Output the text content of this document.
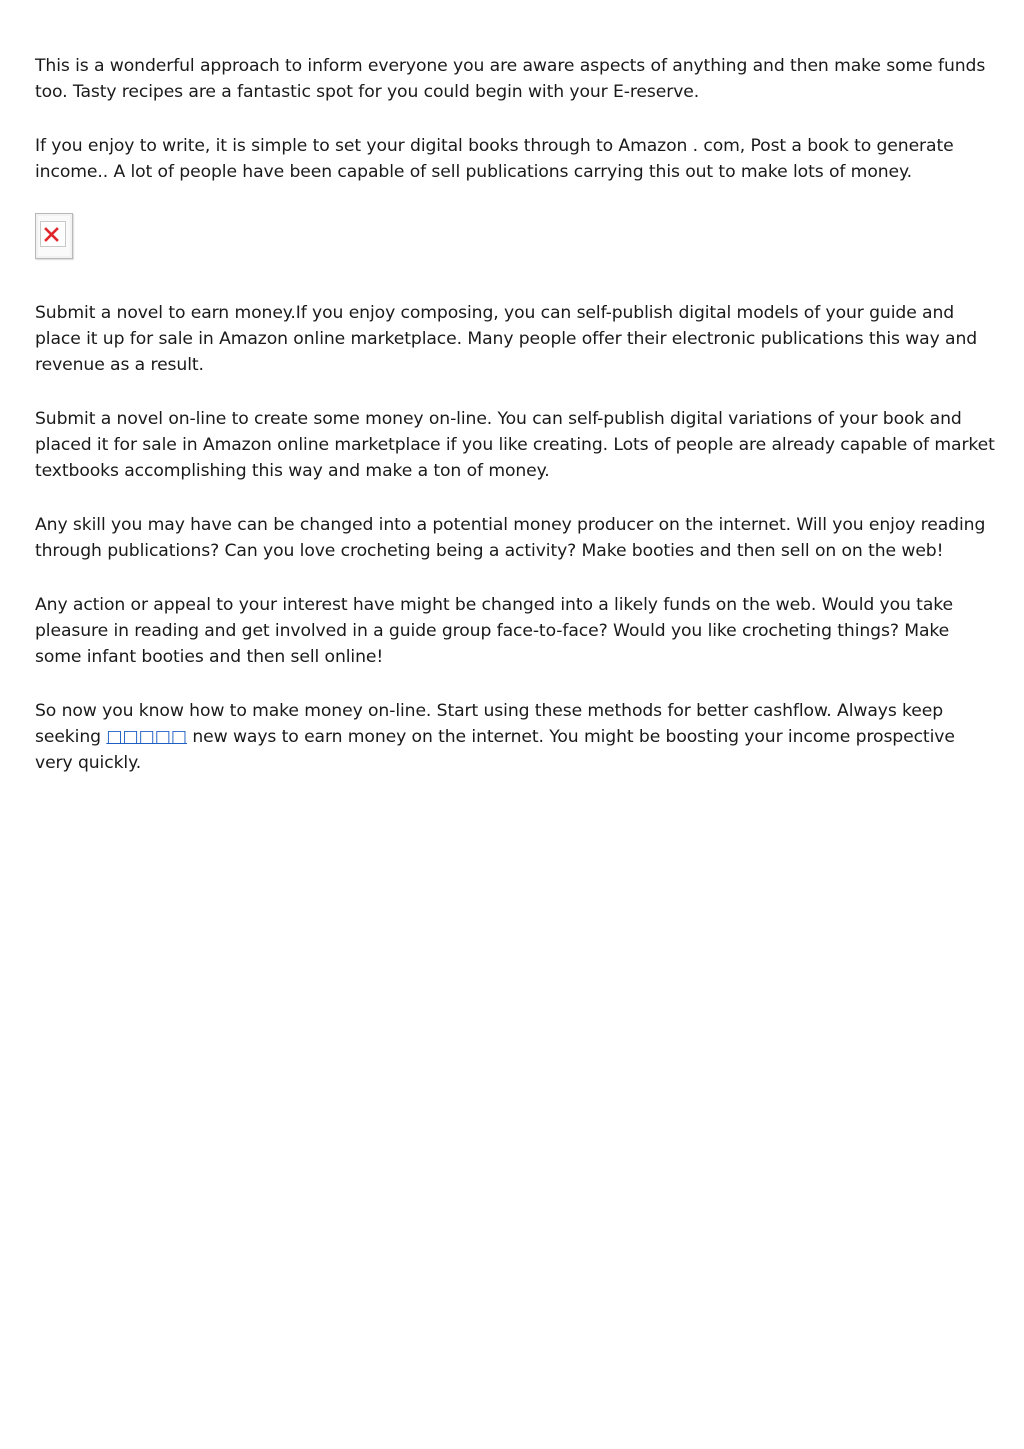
This is a wonderful approach to inform everyone you are aware aspects of anything and then make some funds too. Tasty recipes are a fantastic spot for you could begin with your E-reserve.

If you enjoy to write, it is simple to set your digital books through to Amazon . com, Post a book to generate income.. A lot of people have been capable of sell publications carrying this out to make lots of money.

Submit a novel to earn money.If you enjoy composing, you can self-publish digital models of your guide and place it up for sale in Amazon online marketplace. Many people offer their electronic publications this way and revenue as a result.

Submit a novel on-line to create some money on-line. You can self-publish digital variations of your book and placed it for sale in Amazon online marketplace if you like creating. Lots of people are already capable of market textbooks accomplishing this way and make a ton of money.

Any skill you may have can be changed into a potential money producer on the internet. Will you enjoy reading through publications? Can you love crocheting being a activity? Make booties and then sell on on the web!

Any action or appeal to your interest have might be changed into a likely funds on the web. Would you take pleasure in reading and get involved in a guide group face-to-face? Would you like crocheting things? Make some infant booties and then sell online!

So now you know how to make money on-line. Start using these methods for better cashflow. Always keep seeking □□□□□ new ways to earn money on the internet. You might be boosting your income prospective very quickly.
